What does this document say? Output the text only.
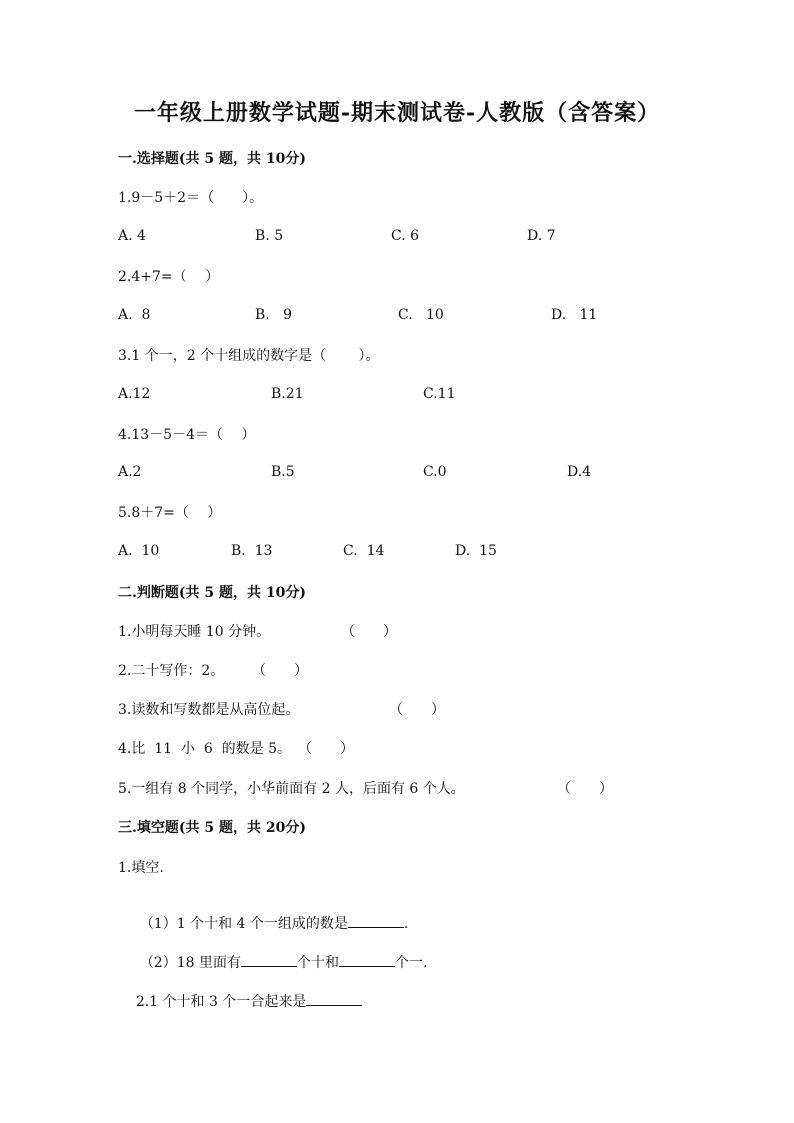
一年级上册数学试题-期末测试卷-人教版（含答案）
一.选择题(共 5 题，共 10分)
1.9－5＋2＝（　　）。
A. 4	B. 5	C. 6	D. 7
2.4+7=（　 ）
A.  8	B.   9	C.   10	D.   11
3.1 个一，2 个十组成的数字是（　　 ）。
A.12	B.21	C.11
4.13－5－4＝（　 ）
A.2	B.5	C.0	D.4
5.8＋7=（　 ）
A.  10	B.  13	C.  14	D.  15
二.判断题(共 5 题，共 10分)
1.小明每天睡 10 分钟。	（　　）
2.二十写作：2。 （　　）
3.读数和写数都是从高位起。	（　　）
4.比  11  小  6  的数是 5。 （　　）
5.一组有 8 个同学，小华前面有 2 人，后面有 6 个人。	（　　）
三.填空题(共 5 题，共 20分)
1.填空.

（1）1 个十和 4 个一组成的数是	.

（2）18 里面有	个十和	个一.

2.1 个十和 3 个一合起来是
